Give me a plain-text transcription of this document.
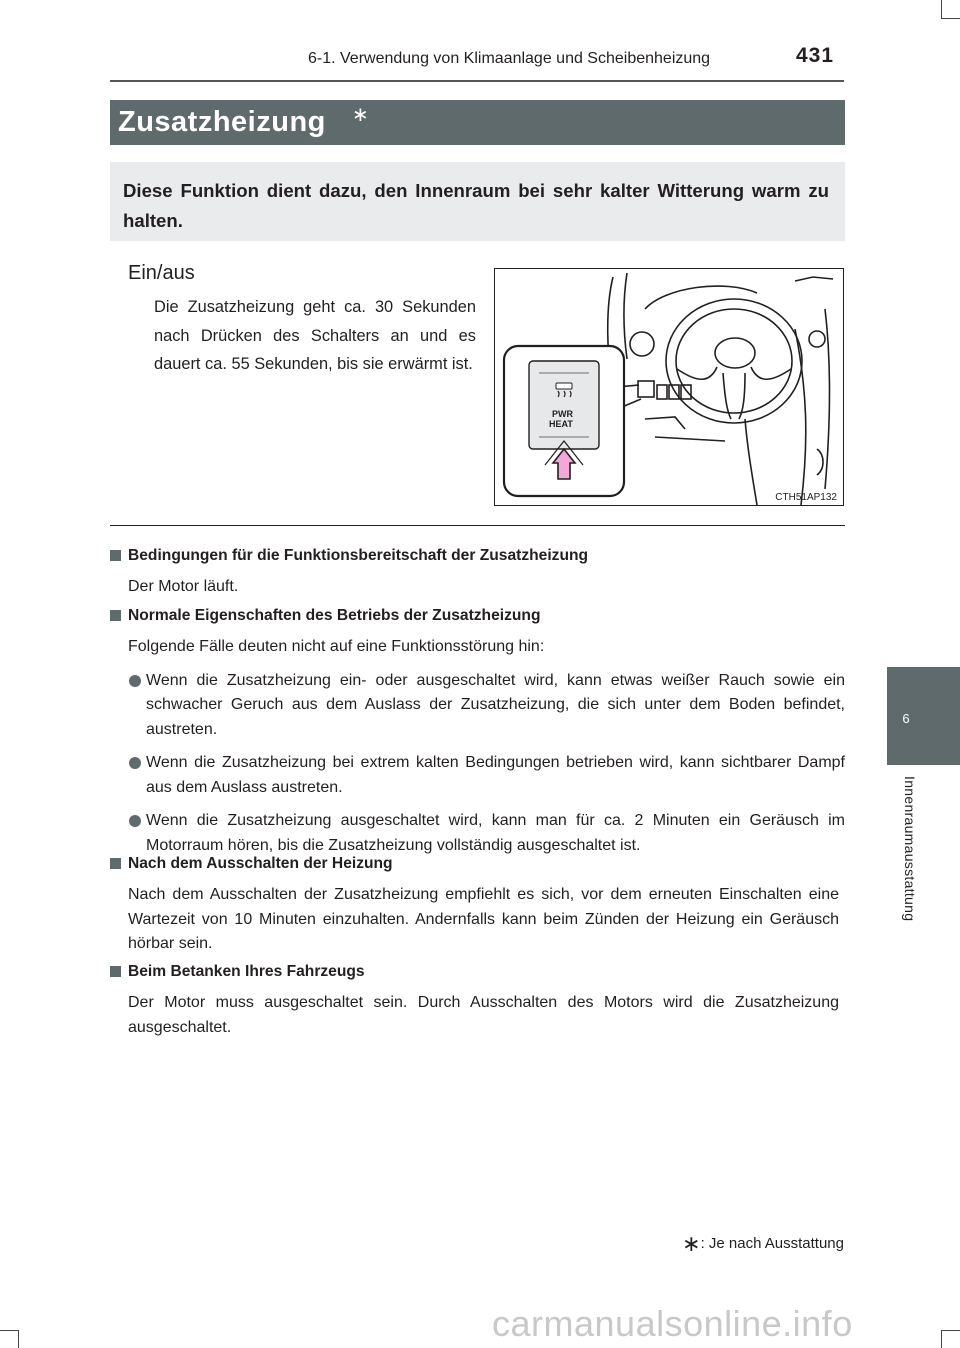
6-1. Verwendung von Klimaanlage und Scheibenheizung	431
Zusatzheizung ∗
Diese Funktion dient dazu, den Innenraum bei sehr kalter Witterung warm zu halten.
Ein/aus
Die Zusatzheizung geht ca. 30 Sekunden nach Drücken des Schalters an und es dauert ca. 55 Sekunden, bis sie erwärmt ist.
PWR
HEAT
CTH51AP132
Bedingungen für die Funktionsbereitschaft der Zusatzheizung
Der Motor läuft.
Normale Eigenschaften des Betriebs der Zusatzheizung
Folgende Fälle deuten nicht auf eine Funktionsstörung hin:
Wenn die Zusatzheizung ein- oder ausgeschaltet wird, kann etwas weißer Rauch sowie ein schwacher Geruch aus dem Auslass der Zusatzheizung, die sich unter dem Boden befindet, austreten.
Wenn die Zusatzheizung bei extrem kalten Bedingungen betrieben wird, kann sichtbarer Dampf aus dem Auslass austreten.
Wenn die Zusatzheizung ausgeschaltet wird, kann man für ca. 2 Minuten ein Geräusch im Motorraum hören, bis die Zusatzheizung vollständig ausgeschaltet ist.
Nach dem Ausschalten der Heizung
Nach dem Ausschalten der Zusatzheizung empfiehlt es sich, vor dem erneuten Einschalten eine Wartezeit von 10 Minuten einzuhalten. Andernfalls kann beim Zünden der Heizung ein Geräusch hörbar sein.
Beim Betanken Ihres Fahrzeugs
Der Motor muss ausgeschaltet sein. Durch Ausschalten des Motors wird die Zusatzheizung ausgeschaltet.
6
Innenraumausstattung
∗: Je nach Ausstattung
carmanualsonline.info
